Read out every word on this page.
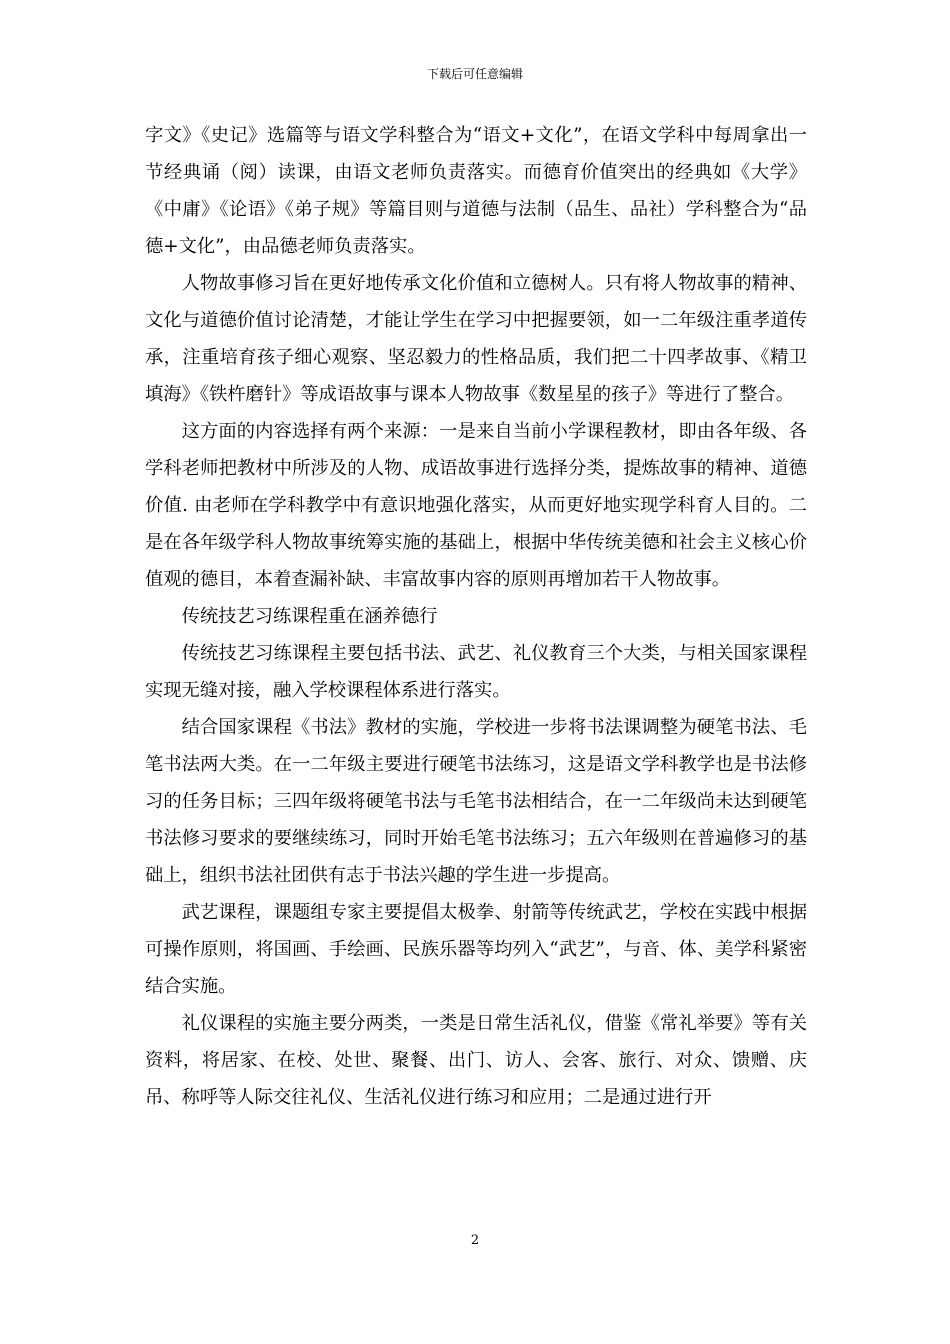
下载后可任意编辑

字文》《史记》选篇等与语文学科整合为“语文+文化”，在语文学科中每周拿出一节经典诵（阅）读课，由语文老师负责落实。而德育价值突出的经典如《大学》《中庸》《论语》《弟子规》等篇目则与道德与法制（品生、品社）学科整合为“品德+文化”，由品德老师负责落实。

人物故事修习旨在更好地传承文化价值和立德树人。只有将人物故事的精神、文化与道德价值讨论清楚，才能让学生在学习中把握要领，如一二年级注重孝道传承，注重培育孩子细心观察、坚忍毅力的性格品质，我们把二十四孝故事、《精卫填海》《铁杵磨针》等成语故事与课本人物故事《数星星的孩子》等进行了整合。

这方面的内容选择有两个来源：一是来自当前小学课程教材，即由各年级、各学科老师把教材中所涉及的人物、成语故事进行选择分类，提炼故事的精神、道德价值. 由老师在学科教学中有意识地强化落实，从而更好地实现学科育人目的。二是在各年级学科人物故事统筹实施的基础上，根据中华传统美德和社会主义核心价值观的德目，本着查漏补缺、丰富故事内容的原则再增加若干人物故事。

传统技艺习练课程重在涵养德行

传统技艺习练课程主要包括书法、武艺、礼仪教育三个大类，与相关国家课程实现无缝对接，融入学校课程体系进行落实。

结合国家课程《书法》教材的实施，学校进一步将书法课调整为硬笔书法、毛笔书法两大类。在一二年级主要进行硬笔书法练习，这是语文学科教学也是书法修习的任务目标；三四年级将硬笔书法与毛笔书法相结合，在一二年级尚未达到硬笔书法修习要求的要继续练习，同时开始毛笔书法练习；五六年级则在普遍修习的基础上，组织书法社团供有志于书法兴趣的学生进一步提高。

武艺课程，课题组专家主要提倡太极拳、射箭等传统武艺，学校在实践中根据可操作原则，将国画、手绘画、民族乐器等均列入“武艺”，与音、体、美学科紧密结合实施。

礼仪课程的实施主要分两类，一类是日常生活礼仪，借鉴《常礼举要》等有关资料，将居家、在校、处世、聚餐、出门、访人、会客、旅行、对众、馈赠、庆吊、称呼等人际交往礼仪、生活礼仪进行练习和应用；二是通过进行开

2
